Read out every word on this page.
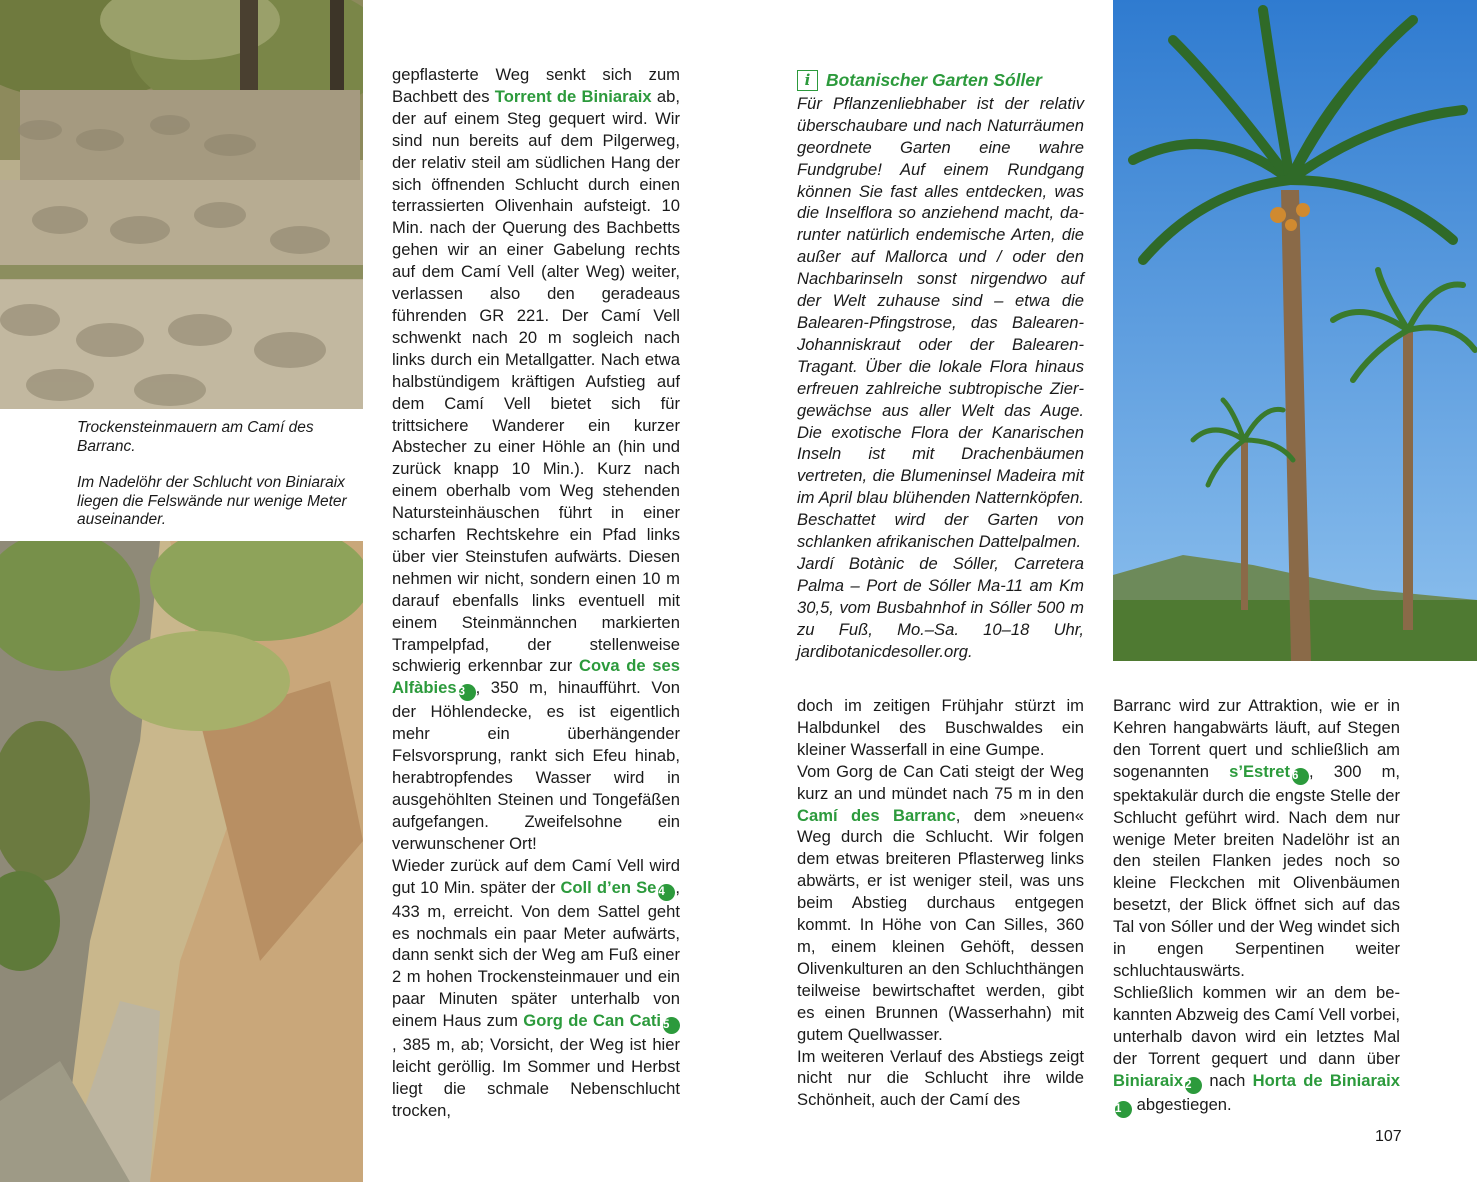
Trockensteinmauern am Camí des Barranc.

Im Nadelöhr der Schlucht von Biniaraix liegen die Felswände nur wenige Meter auseinander.

gepflasterte Weg senkt sich zum Bachbett des Torrent de Biniaraix ab, der auf einem Steg gequert wird. Wir sind nun bereits auf dem Pilgerweg, der relativ steil am südlichen Hang der sich öffnenden Schlucht durch einen terrassierten Olivenhain aufsteigt. 10 Min. nach der Querung des Bachbetts gehen wir an einer Gabelung rechts auf dem Camí Vell (alter Weg) weiter, verlassen also den geradeaus führenden GR 221. Der Camí Vell schwenkt nach 20 m sogleich nach links durch ein Metallgatter. Nach etwa halbstündigem kräftigen Aufstieg auf dem Camí Vell bietet sich für trittsichere Wanderer ein kurzer Abstecher zu einer Höhle an (hin und zurück knapp 10 Min.). Kurz nach einem oberhalb vom Weg stehenden Natursteinhäuschen führt in einer scharfen Rechtskehre ein Pfad links über vier Steinstufen aufwärts. Diesen nehmen wir nicht, sondern einen 10 m darauf ebenfalls links eventuell mit einem Steinmännchen markierten Trampelpfad, der stellenweise schwierig erkennbar zur Cova de ses Alfàbies 3 , 350 m, hinaufführt. Von der Höhlendecke, es ist eigentlich mehr ein überhängender Felsvorsprung, rankt sich Efeu hinab, herabtropfendes Wasser wird in ausgehöhlten Steinen und Tongefäßen aufgefangen. Zweifelsohne ein verwunschener Ort!

Wieder zurück auf dem Camí Vell wird gut 10 Min. später der Coll d’en Se 4 , 433 m, erreicht. Von dem Sattel geht es nochmals ein paar Meter aufwärts, dann senkt sich der Weg am Fuß einer 2 m hohen Trockensteinmauer und ein paar Minuten später unterhalb von einem Haus zum Gorg de Can Cati 5, 385 m, ab; Vorsicht, der Weg ist hier leicht geröllig. Im Sommer und Herbst liegt die schmale Nebenschlucht trocken,

i Botanischer Garten Sóller

Für Pflanzenliebhaber ist der relativ überschaubare und nach Naturräumen geordnete Garten eine wahre Fundgrube! Auf einem Rundgang können Sie fast alles entdecken, was die Inselflora so anziehend macht, darunter natürlich endemische Arten, die außer auf Mallorca und / oder den Nachbarinseln sonst nirgendwo auf der Welt zuhause sind – etwa die Balearen-Pfingstrose, das Balearen-Johanniskraut oder der Balearen-Tragant. Über die lokale Flora hinaus erfreuen zahlreiche subtropische Ziergewächse aus aller Welt das Auge. Die exotische Flora der Kanarischen Inseln ist mit Drachenbäumen vertreten, die Blumeninsel Madeira mit im April blau blühenden Natternköpfen. Beschattet wird der Garten von schlanken afrikanischen Dattelpalmen.

Jardí Botànic de Sóller, Carretera Palma – Port de Sóller Ma-11 am Km 30,5, vom Busbahnhof in Sóller 500 m zu Fuß, Mo.–Sa. 10–18 Uhr, jardibotanicdesoller.org.

doch im zeitigen Frühjahr stürzt im Halbdunkel des Buschwaldes ein kleiner Wasserfall in eine Gumpe.

Vom Gorg de Can Cati steigt der Weg kurz an und mündet nach 75 m in den Camí des Barranc, dem »neuen« Weg durch die Schlucht. Wir folgen dem etwas breiteren Pflasterweg links abwärts, er ist weniger steil, was uns beim Abstieg durchaus entgegen kommt. In Höhe von Can Silles, 360 m, einem kleinen Gehöft, dessen Olivenkulturen an den Schluchthängen teilweise bewirtschaftet werden, gibt es einen Brunnen (Wasserhahn) mit gutem Quellwasser.

Im weiteren Verlauf des Abstiegs zeigt nicht nur die Schlucht ihre wilde Schönheit, auch der Camí des

Barranc wird zur Attraktion, wie er in Kehren hangabwärts läuft, auf Stegen den Torrent quert und schließlich am sogenannten s’Estret 6 , 300 m, spektakulär durch die engste Stelle der Schlucht geführt wird. Nach dem nur wenige Meter breiten Nadelöhr ist an den steilen Flanken jedes noch so kleine Fleckchen mit Olivenbäumen besetzt, der Blick öffnet sich auf das Tal von Sóller und der Weg windet sich in engen Serpentinen weiter schluchtauswärts.

Schließlich kommen wir an dem bekannten Abzweig des Camí Vell vorbei, unterhalb davon wird ein letztes Mal der Torrent gequert und dann über Biniaraix 2 nach Horta de Biniaraix1 abgestiegen.

107
